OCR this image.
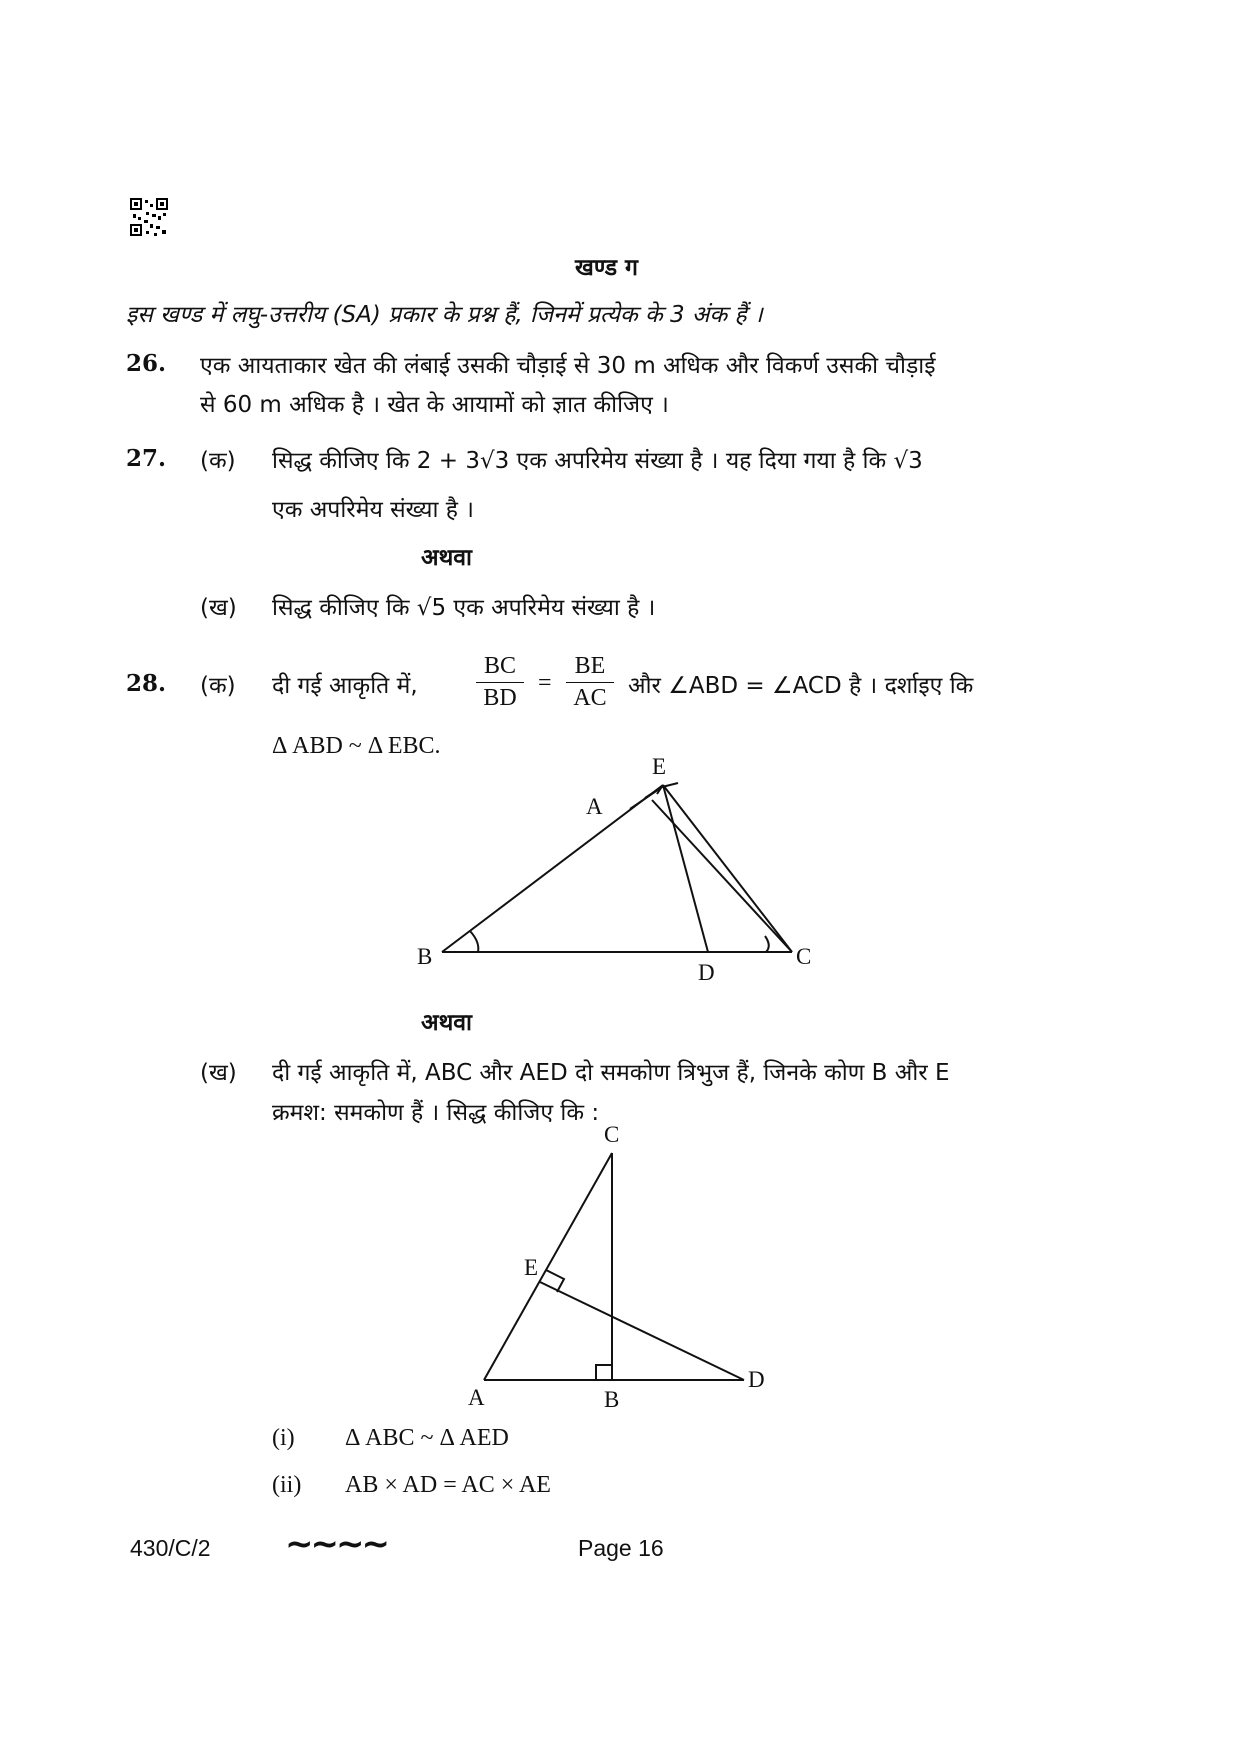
खण्ड ग
इस खण्ड में लघु-उत्तरीय (SA) प्रकार के प्रश्न हैं, जिनमें प्रत्येक के 3 अंक हैं ।
26. एक आयताकार खेत की लंबाई उसकी चौड़ाई से 30 m अधिक और विकर्ण उसकी चौड़ाई
से 60 m अधिक है । खेत के आयामों को ज्ञात कीजिए ।
27. (क) सिद्ध कीजिए कि 2 + 3√3 एक अपरिमेय संख्या है । यह दिया गया है कि √3
एक अपरिमेय संख्या है ।
अथवा
(ख) सिद्ध कीजिए कि √5 एक अपरिमेय संख्या है ।
28. (क) दी गई आकृति में,
BC
BD
=
BE
AC और ∠ABD = ∠ACD है । दर्शाइए कि
Δ ABD ~ Δ EBC.
E
A
B
D
C
अथवा
(ख) दी गई आकृति में, ABC और AED दो समकोण त्रिभुज हैं, जिनके कोण B और E
क्रमश: समकोण हैं । सिद्ध कीजिए कि :
C
E
A	B
D
(i) Δ ABC ~ Δ AED
(ii) AB × AD = AC × AE
430/C/2 ~~~~	Page 16
